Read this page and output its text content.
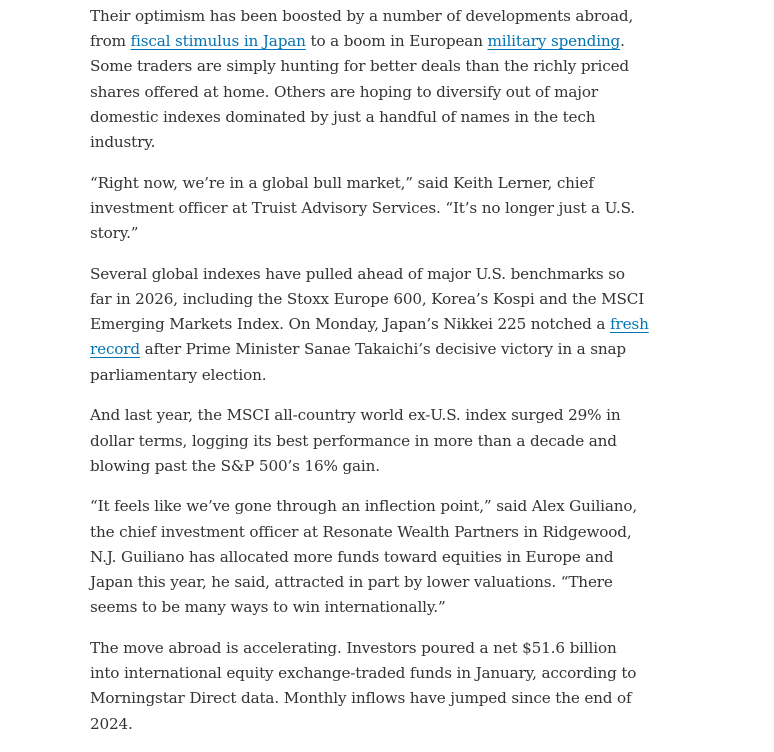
Their optimism has been boosted by a number of developments abroad, from fiscal stimulus in Japan to a boom in European military spending. Some traders are simply hunting for better deals than the richly priced shares offered at home. Others are hoping to diversify out of major domestic indexes dominated by just a handful of names in the tech industry.

“Right now, we’re in a global bull market,” said Keith Lerner, chief investment officer at Truist Advisory Services. “It’s no longer just a U.S. story.”

Several global indexes have pulled ahead of major U.S. benchmarks so far in 2026, including the Stoxx Europe 600, Korea’s Kospi and the MSCI Emerging Markets Index. On Monday, Japan’s Nikkei 225 notched a fresh record after Prime Minister Sanae Takaichi’s decisive victory in a snap parliamentary election.

And last year, the MSCI all-country world ex-U.S. index surged 29% in dollar terms, logging its best performance in more than a decade and blowing past the S&P 500’s 16% gain.

“It feels like we’ve gone through an inflection point,” said Alex Guiliano, the chief investment officer at Resonate Wealth Partners in Ridgewood, N.J. Guiliano has allocated more funds toward equities in Europe and Japan this year, he said, attracted in part by lower valuations. “There seems to be many ways to win internationally.”

The move abroad is accelerating. Investors poured a net $51.6 billion into international equity exchange-traded funds in January, according to Morningstar Direct data. Monthly inflows have jumped since the end of 2024.
